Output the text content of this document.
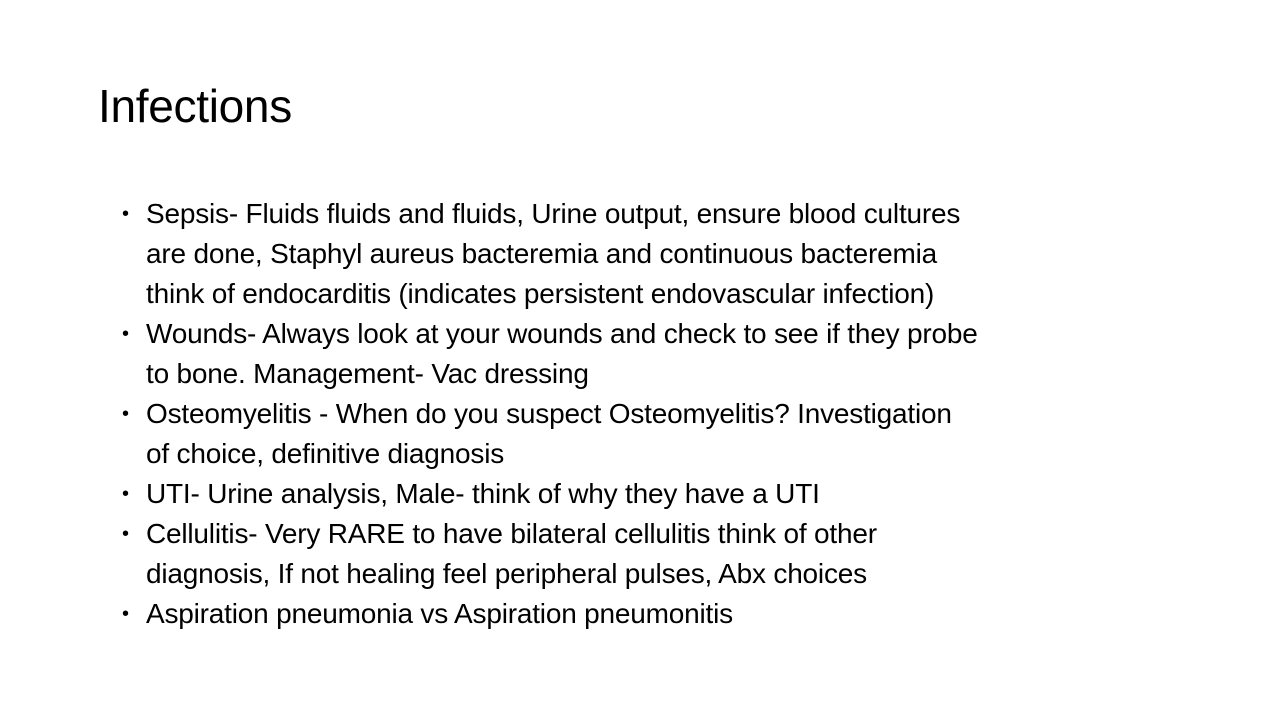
Infections
• Sepsis- Fluids fluids and fluids, Urine output, ensure blood cultures
are done, Staphyl aureus bacteremia and continuous bacteremia
think of endocarditis (indicates persistent endovascular infection)
• Wounds- Always look at your wounds and check to see if they probe
to bone. Management- Vac dressing
• Osteomyelitis - When do you suspect Osteomyelitis? Investigation
of choice, definitive diagnosis
• UTI- Urine analysis, Male- think of why they have a UTI
• Cellulitis- Very RARE to have bilateral cellulitis think of other
diagnosis, If not healing feel peripheral pulses, Abx choices
• Aspiration pneumonia vs Aspiration pneumonitis
